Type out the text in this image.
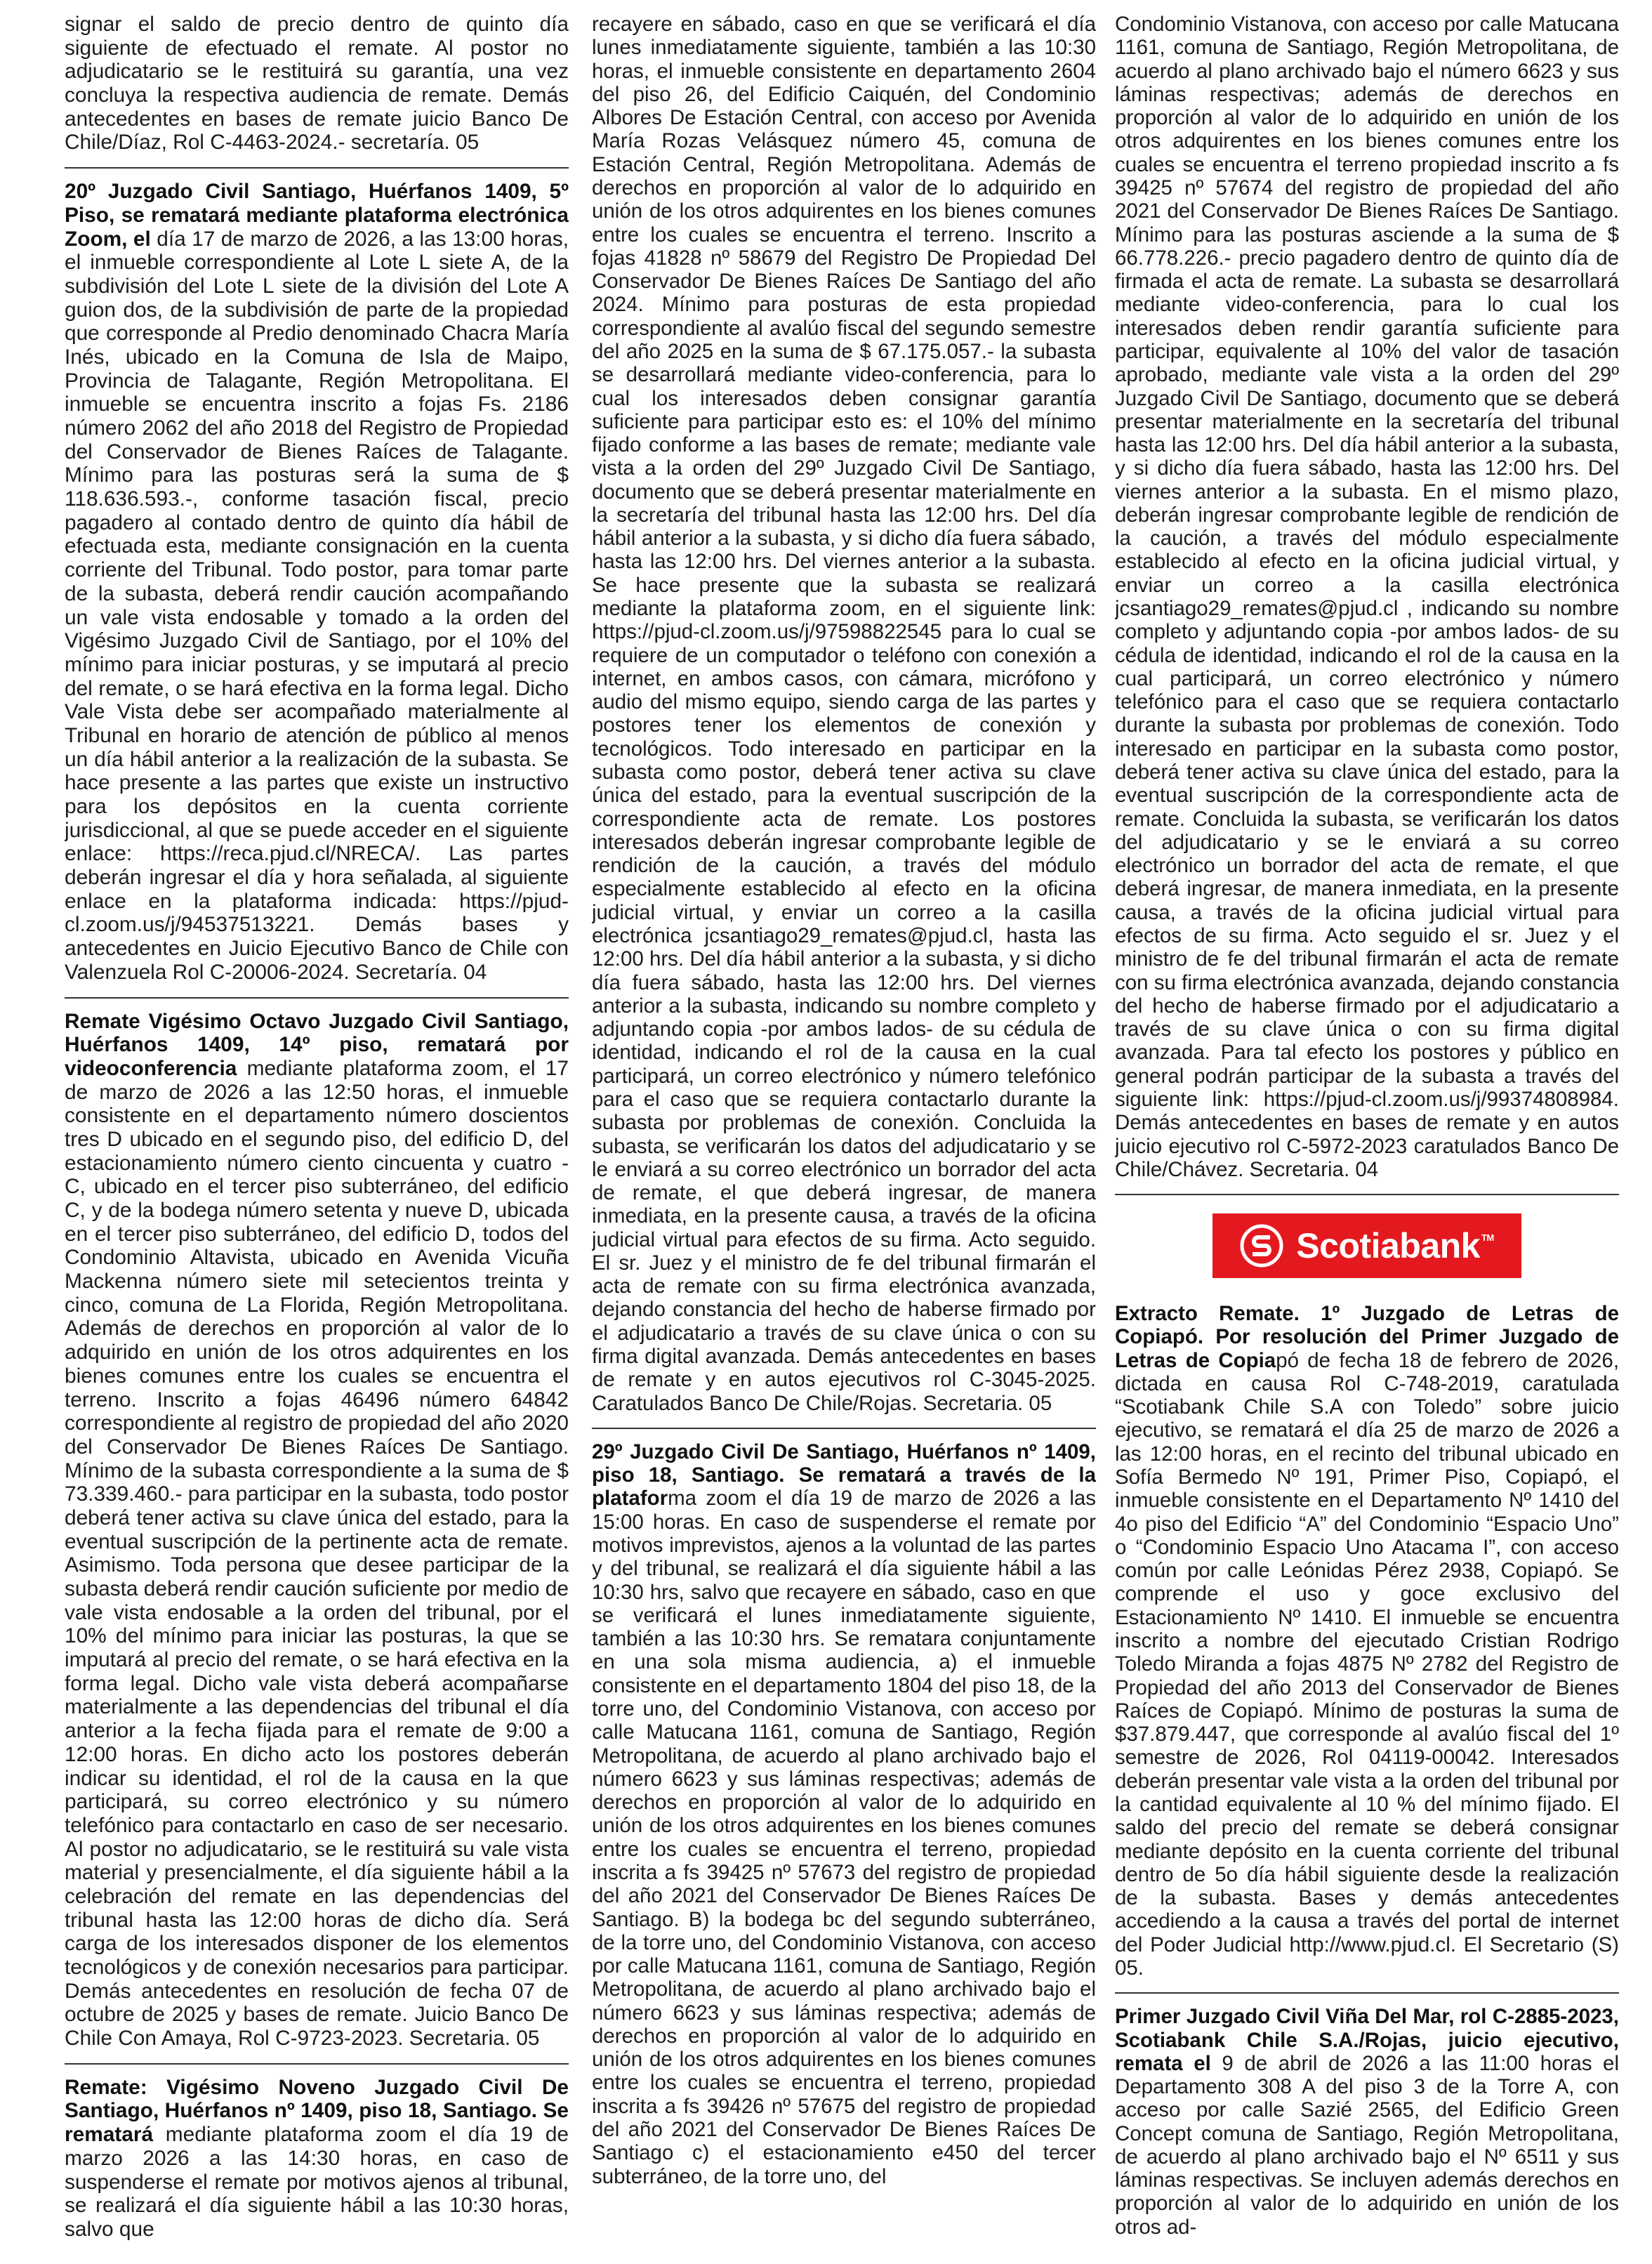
signar el saldo de precio dentro de quinto día siguiente de efectuado el remate. Al postor no adjudicatario se le restituirá su garantía, una vez concluya la respectiva audiencia de remate. Demás antecedentes en bases de remate juicio Banco De Chile/Díaz, Rol C-4463-2024.- secretaría. 05

20º Juzgado Civil Santiago, Huérfanos 1409, 5º Piso, se rematará mediante plataforma electrónica Zoom, el día 17 de marzo de 2026, a las 13:00 horas, el inmueble correspondiente al Lote L siete A, de la subdivisión del Lote L siete de la división del Lote A guion dos, de la subdivisión de parte de la propiedad que corresponde al Predio denominado Chacra María Inés, ubicado en la Comuna de Isla de Maipo, Provincia de Talagante, Región Metropolitana. El inmueble se encuentra inscrito a fojas Fs. 2186 número 2062 del año 2018 del Registro de Propiedad del Conservador de Bienes Raíces de Talagante. Mínimo para las posturas será la suma de $ 118.636.593.-, conforme tasación fiscal, precio pagadero al contado dentro de quinto día hábil de efectuada esta, mediante consignación en la cuenta corriente del Tribunal. Todo postor, para tomar parte de la subasta, deberá rendir caución acompañando un vale vista endosable y tomado a la orden del Vigésimo Juzgado Civil de Santiago, por el 10% del mínimo para iniciar posturas, y se imputará al precio del remate, o se hará efectiva en la forma legal. Dicho Vale Vista debe ser acompañado materialmente al Tribunal en horario de atención de público al menos un día hábil anterior a la realización de la subasta. Se hace presente a las partes que existe un instructivo para los depósitos en la cuenta corriente jurisdiccional, al que se puede acceder en el siguiente enlace: https://reca.pjud.cl/NRECA/. Las partes deberán ingresar el día y hora señalada, al siguiente enlace en la plataforma indicada: https://pjud-cl.zoom.us/j/94537513221. Demás bases y antecedentes en Juicio Ejecutivo Banco de Chile con Valenzuela Rol C-20006-2024. Secretaría. 04

Remate Vigésimo Octavo Juzgado Civil Santiago, Huérfanos 1409, 14º piso, rematará por videoconferencia mediante plataforma zoom, el 17 de marzo de 2026 a las 12:50 horas, el inmueble consistente en el departamento número doscientos tres D ubicado en el segundo piso, del edificio D, del estacionamiento número ciento cincuenta y cuatro - C, ubicado en el tercer piso subterráneo, del edificio C, y de la bodega número setenta y nueve D, ubicada en el tercer piso subterráneo, del edificio D, todos del Condominio Altavista, ubicado en Avenida Vicuña Mackenna número siete mil setecientos treinta y cinco, comuna de La Florida, Región Metropolitana. Además de derechos en proporción al valor de lo adquirido en unión de los otros adquirentes en los bienes comunes entre los cuales se encuentra el terreno. Inscrito a fojas 46496 número 64842 correspondiente al registro de propiedad del año 2020 del Conservador De Bienes Raíces De Santiago. Mínimo de la subasta correspondiente a la suma de $ 73.339.460.- para participar en la subasta, todo postor deberá tener activa su clave única del estado, para la eventual suscripción de la pertinente acta de remate. Asimismo. Toda persona que desee participar de la subasta deberá rendir caución suficiente por medio de vale vista endosable a la orden del tribunal, por el 10% del mínimo para iniciar las posturas, la que se imputará al precio del remate, o se hará efectiva en la forma legal. Dicho vale vista deberá acompañarse materialmente a las dependencias del tribunal el día anterior a la fecha fijada para el remate de 9:00 a 12:00 horas. En dicho acto los postores deberán indicar su identidad, el rol de la causa en la que participará, su correo electrónico y su número telefónico para contactarlo en caso de ser necesario. Al postor no adjudicatario, se le restituirá su vale vista material y presencialmente, el día siguiente hábil a la celebración del remate en las dependencias del tribunal hasta las 12:00 horas de dicho día. Será carga de los interesados disponer de los elementos tecnológicos y de conexión necesarios para participar. Demás antecedentes en resolución de fecha 07 de octubre de 2025 y bases de remate. Juicio Banco De Chile Con Amaya, Rol C-9723-2023. Secretaria. 05

Remate: Vigésimo Noveno Juzgado Civil De Santiago, Huérfanos nº 1409, piso 18, Santiago. Se rematará mediante plataforma zoom el día 19 de marzo 2026 a las 14:30 horas, en caso de suspenderse el remate por motivos ajenos al tribunal, se realizará el día siguiente hábil a las 10:30 horas, salvo que

recayere en sábado, caso en que se verificará el día lunes inmediatamente siguiente, también a las 10:30 horas, el inmueble consistente en departamento 2604 del piso 26, del Edificio Caiquén, del Condominio Albores De Estación Central, con acceso por Avenida María Rozas Velásquez número 45, comuna de Estación Central, Región Metropolitana. Además de derechos en proporción al valor de lo adquirido en unión de los otros adquirentes en los bienes comunes entre los cuales se encuentra el terreno. Inscrito a fojas 41828 nº 58679 del Registro De Propiedad Del Conservador De Bienes Raíces De Santiago del año 2024. Mínimo para posturas de esta propiedad correspondiente al avalúo fiscal del segundo semestre del año 2025 en la suma de $ 67.175.057.- la subasta se desarrollará mediante video-conferencia, para lo cual los interesados deben consignar garantía suficiente para participar esto es: el 10% del mínimo fijado conforme a las bases de remate; mediante vale vista a la orden del 29º Juzgado Civil De Santiago, documento que se deberá presentar materialmente en la secretaría del tribunal hasta las 12:00 hrs. Del día hábil anterior a la subasta, y si dicho día fuera sábado, hasta las 12:00 hrs. Del viernes anterior a la subasta. Se hace presente que la subasta se realizará mediante la plataforma zoom, en el siguiente link: https://pjud-cl.zoom.us/j/97598822545 para lo cual se requiere de un computador o teléfono con conexión a internet, en ambos casos, con cámara, micrófono y audio del mismo equipo, siendo carga de las partes y postores tener los elementos de conexión y tecnológicos. Todo interesado en participar en la subasta como postor, deberá tener activa su clave única del estado, para la eventual suscripción de la correspondiente acta de remate. Los postores interesados deberán ingresar comprobante legible de rendición de la caución, a través del módulo especialmente establecido al efecto en la oficina judicial virtual, y enviar un correo a la casilla electrónica jcsantiago29_remates@pjud.cl, hasta las 12:00 hrs. Del día hábil anterior a la subasta, y si dicho día fuera sábado, hasta las 12:00 hrs. Del viernes anterior a la subasta, indicando su nombre completo y adjuntando copia -por ambos lados- de su cédula de identidad, indicando el rol de la causa en la cual participará, un correo electrónico y número telefónico para el caso que se requiera contactarlo durante la subasta por problemas de conexión. Concluida la subasta, se verificarán los datos del adjudicatario y se le enviará a su correo electrónico un borrador del acta de remate, el que deberá ingresar, de manera inmediata, en la presente causa, a través de la oficina judicial virtual para efectos de su firma. Acto seguido. El sr. Juez y el ministro de fe del tribunal firmarán el acta de remate con su firma electrónica avanzada, dejando constancia del hecho de haberse firmado por el adjudicatario a través de su clave única o con su firma digital avanzada. Demás antecedentes en bases de remate y en autos ejecutivos rol C-3045-2025. Caratulados Banco De Chile/Rojas. Secretaria. 05

29º Juzgado Civil De Santiago, Huérfanos nº 1409, piso 18, Santiago. Se rematará a través de la plataforma zoom el día 19 de marzo de 2026 a las 15:00 horas. En caso de suspenderse el remate por motivos imprevistos, ajenos a la voluntad de las partes y del tribunal, se realizará el día siguiente hábil a las 10:30 hrs, salvo que recayere en sábado, caso en que se verificará el lunes inmediatamente siguiente, también a las 10:30 hrs. Se rematara conjuntamente en una sola misma audiencia, a) el inmueble consistente en el departamento 1804 del piso 18, de la torre uno, del Condominio Vistanova, con acceso por calle Matucana 1161, comuna de Santiago, Región Metropolitana, de acuerdo al plano archivado bajo el número 6623 y sus láminas respectivas; además de derechos en proporción al valor de lo adquirido en unión de los otros adquirentes en los bienes comunes entre los cuales se encuentra el terreno, propiedad inscrita a fs 39425 nº 57673 del registro de propiedad del año 2021 del Conservador De Bienes Raíces De Santiago. B) la bodega bc del segundo subterráneo, de la torre uno, del Condominio Vistanova, con acceso por calle Matucana 1161, comuna de Santiago, Región Metropolitana, de acuerdo al plano archivado bajo el número 6623 y sus láminas respectiva; además de derechos en proporción al valor de lo adquirido en unión de los otros adquirentes en los bienes comunes entre los cuales se encuentra el terreno, propiedad inscrita a fs 39426 nº 57675 del registro de propiedad del año 2021 del Conservador De Bienes Raíces De Santiago c) el estacionamiento e450 del tercer subterráneo, de la torre uno, del

Condominio Vistanova, con acceso por calle Matucana 1161, comuna de Santiago, Región Metropolitana, de acuerdo al plano archivado bajo el número 6623 y sus láminas respectivas; además de derechos en proporción al valor de lo adquirido en unión de los otros adquirentes en los bienes comunes entre los cuales se encuentra el terreno propiedad inscrito a fs 39425 nº 57674 del registro de propiedad del año 2021 del Conservador De Bienes Raíces De Santiago. Mínimo para las posturas asciende a la suma de $ 66.778.226.- precio pagadero dentro de quinto día de firmada el acta de remate. La subasta se desarrollará mediante video-conferencia, para lo cual los interesados deben rendir garantía suficiente para participar, equivalente al 10% del valor de tasación aprobado, mediante vale vista a la orden del 29º Juzgado Civil De Santiago, documento que se deberá presentar materialmente en la secretaría del tribunal hasta las 12:00 hrs. Del día hábil anterior a la subasta, y si dicho día fuera sábado, hasta las 12:00 hrs. Del viernes anterior a la subasta. En el mismo plazo, deberán ingresar comprobante legible de rendición de la caución, a través del módulo especialmente establecido al efecto en la oficina judicial virtual, y enviar un correo a la casilla electrónica jcsantiago29_remates@pjud.cl , indicando su nombre completo y adjuntando copia -por ambos lados- de su cédula de identidad, indicando el rol de la causa en la cual participará, un correo electrónico y número telefónico para el caso que se requiera contactarlo durante la subasta por problemas de conexión. Todo interesado en participar en la subasta como postor, deberá tener activa su clave única del estado, para la eventual suscripción de la correspondiente acta de remate. Concluida la subasta, se verificarán los datos del adjudicatario y se le enviará a su correo electrónico un borrador del acta de remate, el que deberá ingresar, de manera inmediata, en la presente causa, a través de la oficina judicial virtual para efectos de su firma. Acto seguido el sr. Juez y el ministro de fe del tribunal firmarán el acta de remate con su firma electrónica avanzada, dejando constancia del hecho de haberse firmado por el adjudicatario a través de su clave única o con su firma digital avanzada. Para tal efecto los postores y público en general podrán participar de la subasta a través del siguiente link: https://pjud-cl.zoom.us/j/99374808984. Demás antecedentes en bases de remate y en autos juicio ejecutivo rol C-5972-2023 caratulados Banco De Chile/Chávez. Secretaria. 04

Scotiabank ™

Extracto Remate. 1º Juzgado de Letras de Copiapó. Por resolución del Primer Juzgado de Letras de Copiapó de fecha 18 de febrero de 2026, dictada en causa Rol C-748-2019, caratulada “Scotiabank Chile S.A con Toledo” sobre juicio ejecutivo, se rematará el día 25 de marzo de 2026 a las 12:00 horas, en el recinto del tribunal ubicado en Sofía Bermedo Nº 191, Primer Piso, Copiapó, el inmueble consistente en el Departamento Nº 1410 del 4o piso del Edificio “A” del Condominio “Espacio Uno” o “Condominio Espacio Uno Atacama I”, con acceso común por calle Leónidas Pérez 2938, Copiapó. Se comprende el uso y goce exclusivo del Estacionamiento Nº 1410. El inmueble se encuentra inscrito a nombre del ejecutado Cristian Rodrigo Toledo Miranda a fojas 4875 Nº 2782 del Registro de Propiedad del año 2013 del Conservador de Bienes Raíces de Copiapó. Mínimo de posturas la suma de $37.879.447, que corresponde al avalúo fiscal del 1º semestre de 2026, Rol 04119-00042. Interesados deberán presentar vale vista a la orden del tribunal por la cantidad equivalente al 10 % del mínimo fijado. El saldo del precio del remate se deberá consignar mediante depósito en la cuenta corriente del tribunal dentro de 5o día hábil siguiente desde la realización de la subasta. Bases y demás antecedentes accediendo a la causa a través del portal de internet del Poder Judicial http://www.pjud.cl. El Secretario (S) 05.

Primer Juzgado Civil Viña Del Mar, rol C-2885-2023, Scotiabank Chile S.A./Rojas, juicio ejecutivo, remata el 9 de abril de 2026 a las 11:00 horas el Departamento 308 A del piso 3 de la Torre A, con acceso por calle Sazié 2565, del Edificio Green Concept comuna de Santiago, Región Metropolitana, de acuerdo al plano archivado bajo el Nº 6511 y sus láminas respectivas. Se incluyen además derechos en proporción al valor de lo adquirido en unión de los otros ad-
